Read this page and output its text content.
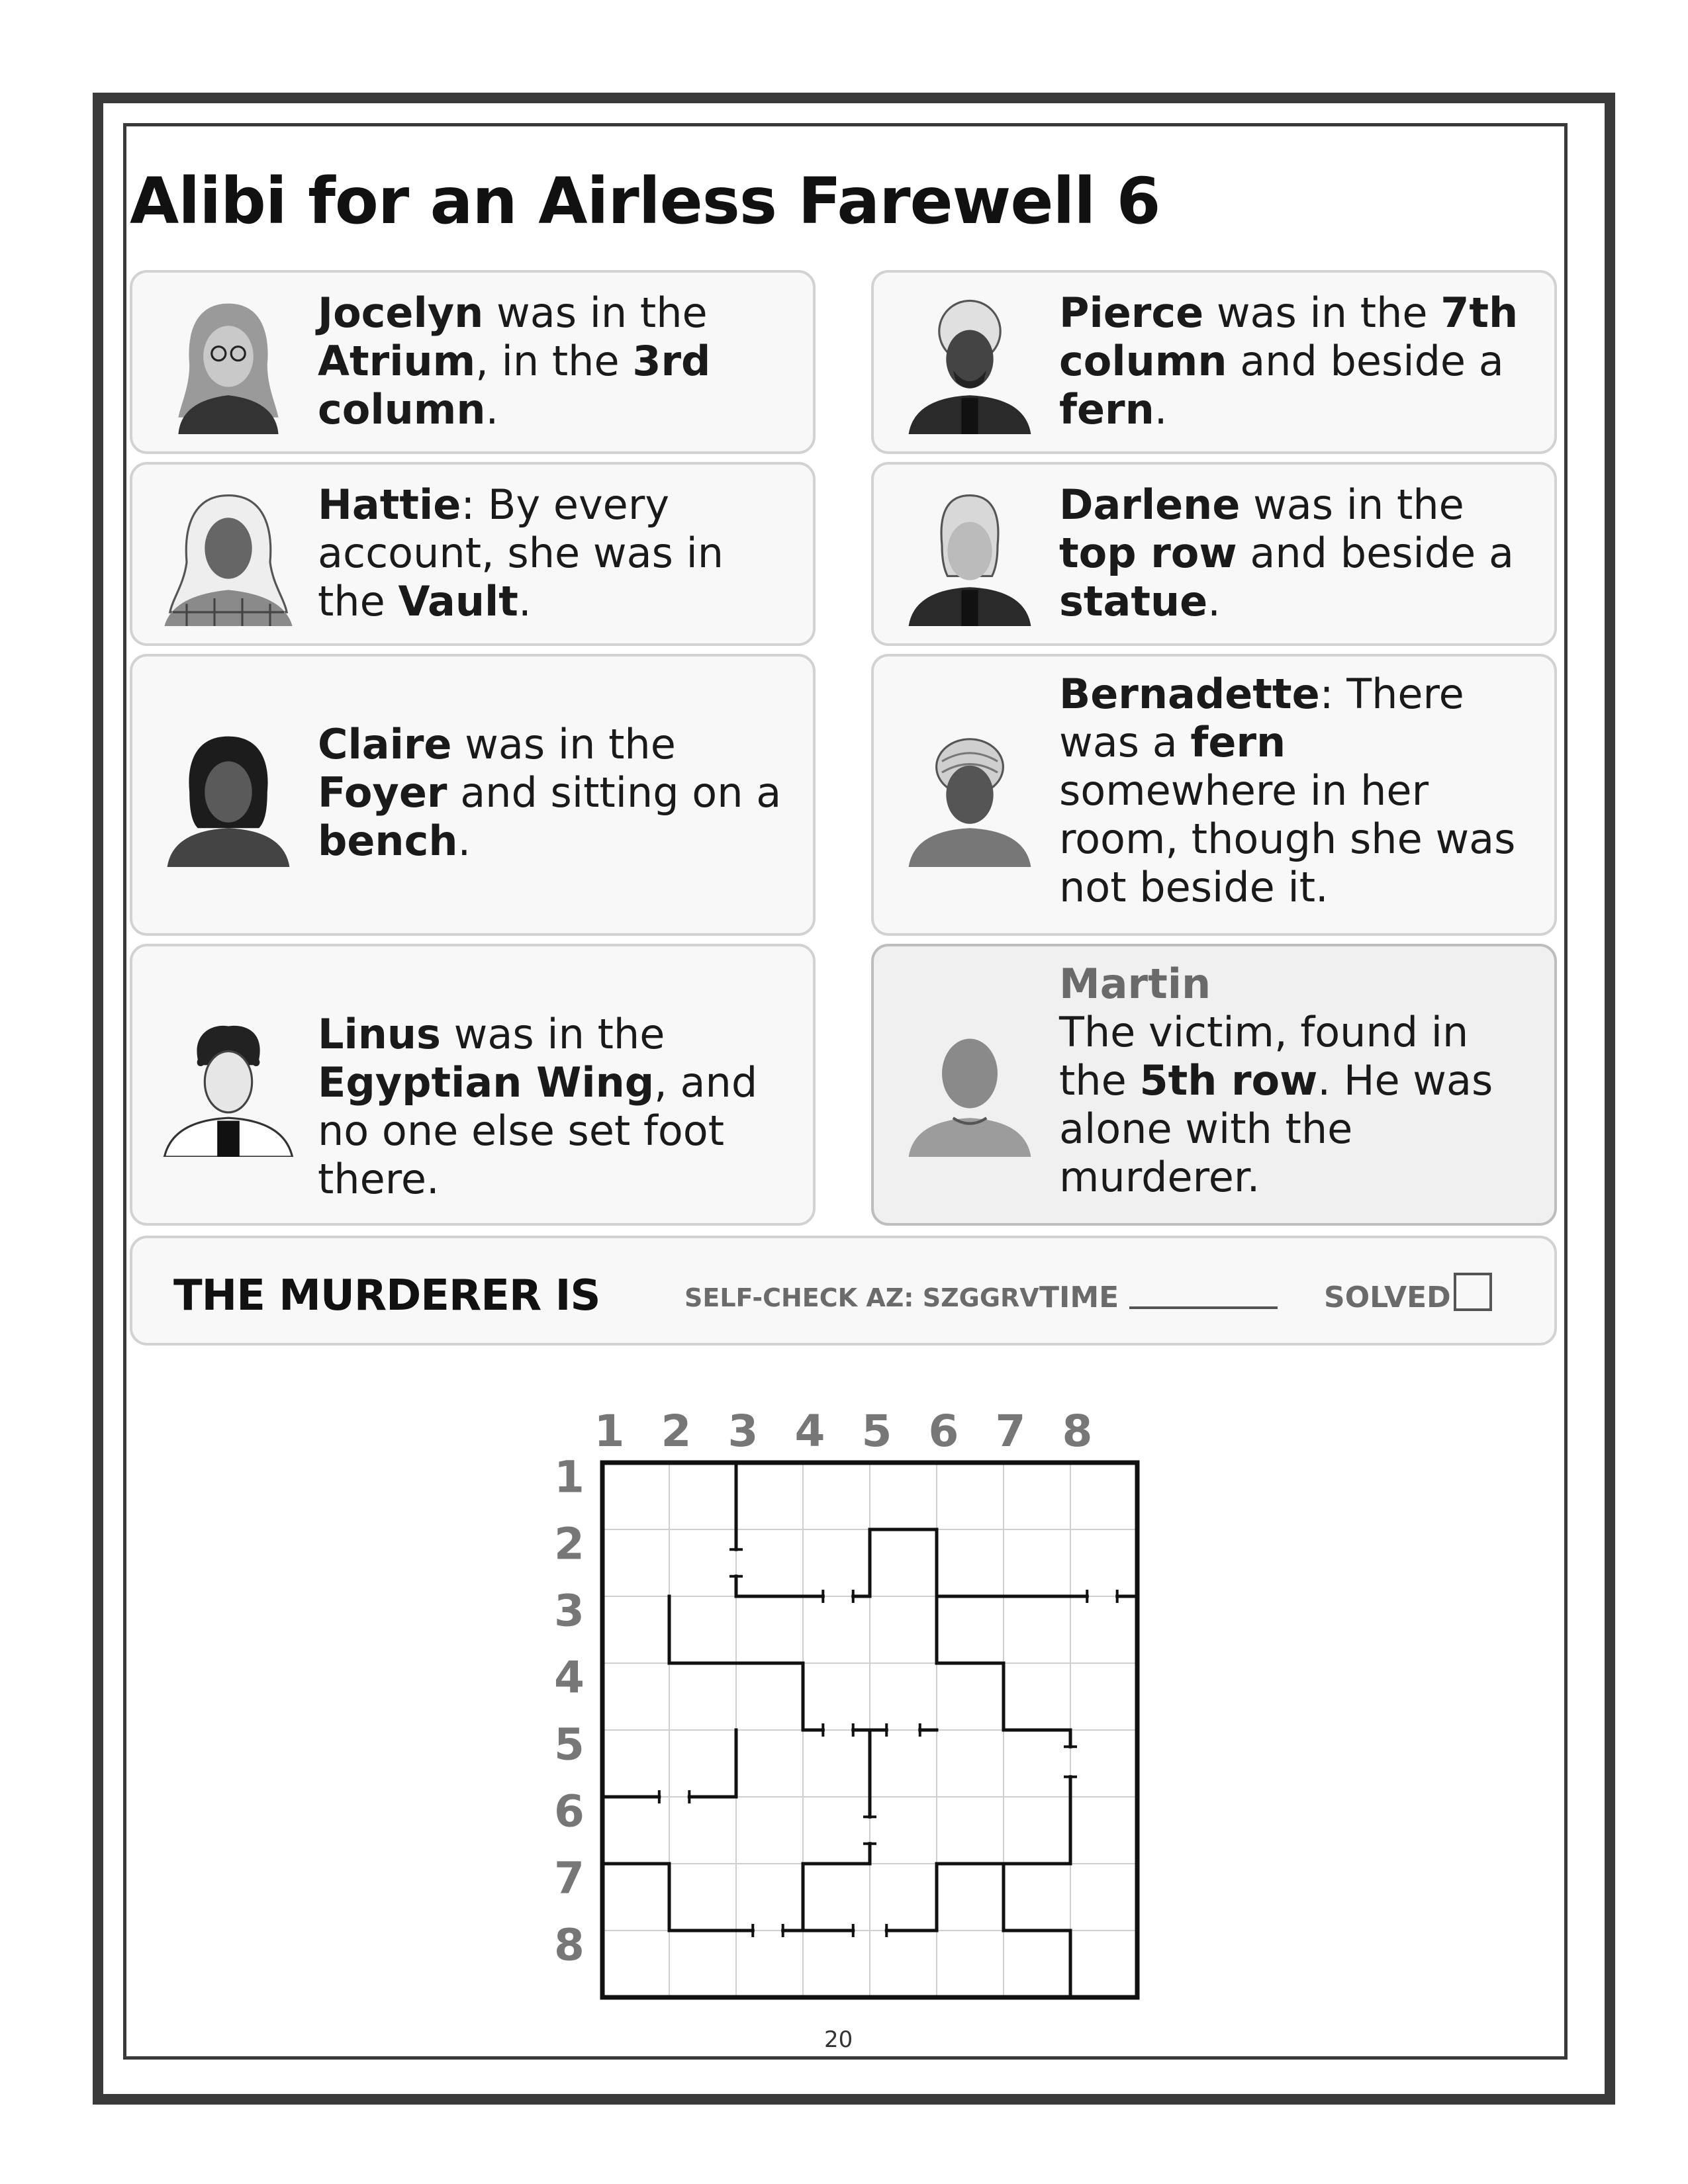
Alibi for an Airless Farewell 6
Jocelyn was in the Atrium, in the 3rd column.
Pierce was in the 7th column and beside a fern.
Hattie: By every account, she was in the Vault.
Darlene was in the top row and beside a statue.
Claire was in the Foyer and sitting on a bench.
Bernadette: There was a fern somewhere in her room, though she was not beside it.
Linus was in the Egyptian Wing, and no one else set foot there.
Martin
The victim, found in the 5th row. He was alone with the murderer.
THE MURDERER IS	SELF-CHECK AZ: SZGGRV TIME	SOLVED
1 2 3 4 5 6 7 8
1
2
3
4
5
6
7
8
20
